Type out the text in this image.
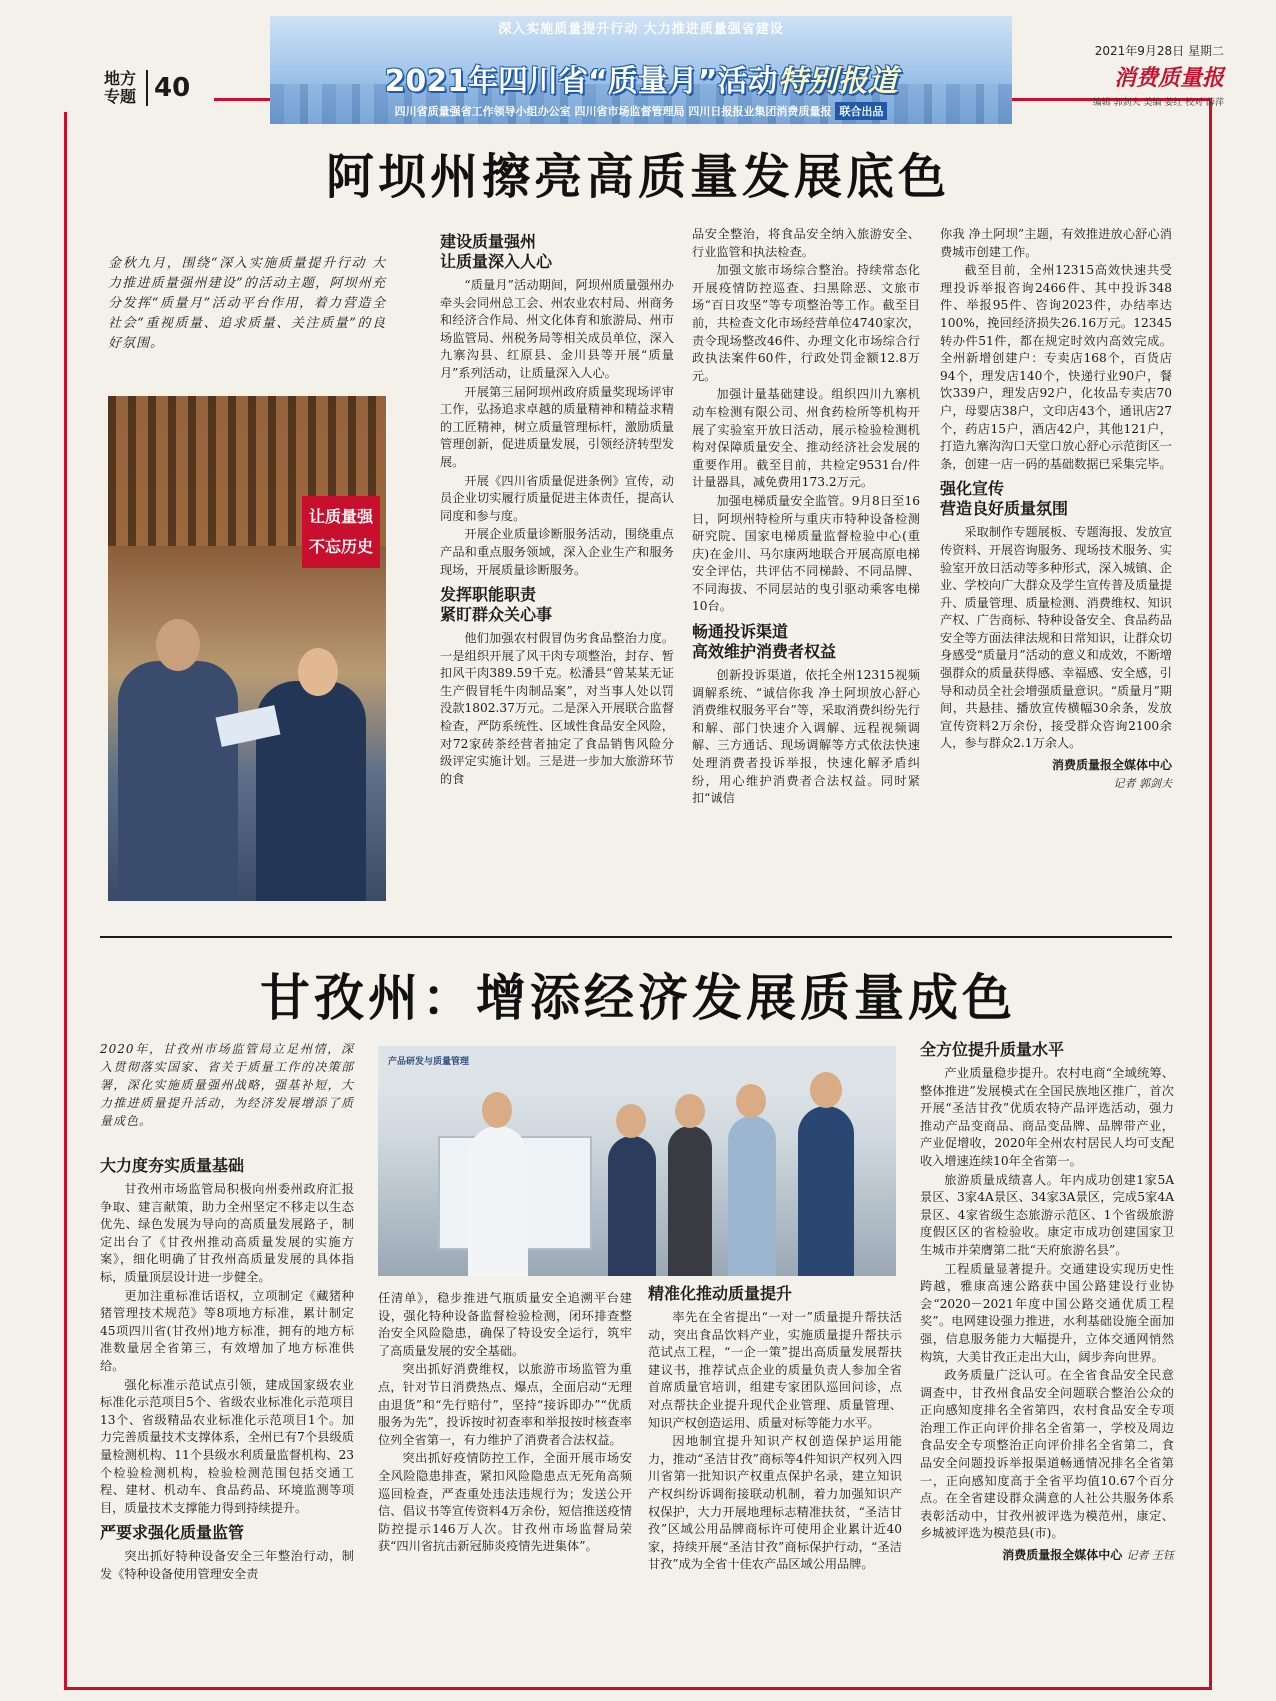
地方
专题 40
深入实施质量提升行动 大力推进质量强省建设
2021年四川省“质量月”活动特别报道
四川省质量强省工作领导小组办公室 四川省市场监督管理局 四川日报报业集团消费质量报 联合出品
2021年9月28日 星期二
消费质量报
编辑 郭剑夫 美编 姜红 校对 薛萍
阿坝州擦亮高质量发展底色
金秋九月，围绕“深入实施质量提升行动 大力推进质量强州建设”的活动主题，阿坝州充分发挥“质量月”活动平台作用，着力营造全社会“重视质量、追求质量、关注质量”的良好氛围。
让质量强 不忘历史
建设质量强州
让质量深入人心

“质量月”活动期间，阿坝州质量强州办牵头会同州总工会、州农业农村局、州商务和经济合作局、州文化体育和旅游局、州市场监管局、州税务局等相关成员单位，深入九寨沟县、红原县、金川县等开展“质量月”系列活动，让质量深入人心。

开展第三届阿坝州政府质量奖现场评审工作，弘扬追求卓越的质量精神和精益求精的工匠精神，树立质量管理标杆，激励质量管理创新，促进质量发展，引领经济转型发展。

开展《四川省质量促进条例》宣传，动员企业切实履行质量促进主体责任，提高认同度和参与度。

开展企业质量诊断服务活动，围绕重点产品和重点服务领域，深入企业生产和服务现场，开展质量诊断服务。

发挥职能职责
紧盯群众关心事

他们加强农村假冒伪劣食品整治力度。一是组织开展了风干肉专项整治，封存、暂扣风干肉389.59千克。松潘县“曾某某无证生产假冒牦牛肉制品案”，对当事人处以罚没款1802.37万元。二是深入开展联合监督检查，严防系统性、区域性食品安全风险，对72家砖茶经营者抽定了食品销售风险分级评定实施计划。三是进一步加大旅游环节的食

品安全整治，将食品安全纳入旅游安全、行业监管和执法检查。

加强文旅市场综合整治。持续常态化开展疫情防控巡查、扫黑除恶、文旅市场“百日攻坚”等专项整治等工作。截至目前，共检查文化市场经营单位4740家次，责令现场整改46件、办理文化市场综合行政执法案件60件，行政处罚金额12.8万元。

加强计量基础建设。组织四川九寨机动车检测有限公司、州食药检所等机构开展了实验室开放日活动，展示检验检测机构对保障质量安全、推动经济社会发展的重要作用。截至目前，共检定9531台/件计量器具，减免费用173.2万元。

加强电梯质量安全监管。9月8日至16日，阿坝州特检所与重庆市特种设备检测研究院、国家电梯质量监督检验中心(重庆)在金川、马尔康两地联合开展高原电梯安全评估，共评估不同梯龄、不同品牌、不同海拔、不同层站的曳引驱动乘客电梯10台。

畅通投诉渠道
高效维护消费者权益

创新投诉渠道，依托全州12315视频调解系统、“诚信你我 净土阿坝放心舒心消费维权服务平台”等，采取消费纠纷先行和解、部门快速介入调解、远程视频调解、三方通话、现场调解等方式依法快速处理消费者投诉举报，快速化解矛盾纠纷，用心维护消费者合法权益。同时紧扣“诚信

你我 净土阿坝”主题，有效推进放心舒心消费城市创建工作。

截至目前，全州12315高效快速共受理投诉举报咨询2466件、其中投诉348件、举报95件、咨询2023件，办结率达100%，挽回经济损失26.16万元。12345转办件51件，都在规定时效内高效完成。全州新增创建户：专卖店168个，百货店94个，理发店140个，快递行业90户，餐饮339户，理发店92户，化妆品专卖店70户，母婴店38户，文印店43个，通讯店27个，药店15户，酒店42户，其他121户，打造九寨沟沟口天堂口放心舒心示范街区一条，创建一店一码的基础数据已采集完毕。

强化宣传
营造良好质量氛围

采取制作专题展板、专题海报、发放宣传资料、开展咨询服务、现场技术服务、实验室开放日活动等多种形式，深入城镇、企业、学校向广大群众及学生宣传普及质量提升、质量管理、质量检测、消费维权、知识产权、广告商标、特种设备安全、食品药品安全等方面法律法规和日常知识，让群众切身感受“质量月”活动的意义和成效，不断增强群众的质量获得感、幸福感、安全感，引导和动员全社会增强质量意识。“质量月”期间，共悬挂、播放宣传横幅30余条，发放宣传资料2万余份，接受群众咨询2100余人，参与群众2.1万余人。

消费质量报全媒体中心
记者 郭剑夫
甘孜州：增添经济发展质量成色
2020年，甘孜州市场监管局立足州情，深入贯彻落实国家、省关于质量工作的决策部署，深化实施质量强州战略，强基补短，大力推进质量提升活动，为经济发展增添了质量成色。
大力度夯实质量基础

甘孜州市场监管局积极向州委州政府汇报争取、建言献策，助力全州坚定不移走以生态优先、绿色发展为导向的高质量发展路子，制定出台了《甘孜州推动高质量发展的实施方案》，细化明确了甘孜州高质量发展的具体指标，质量顶层设计进一步健全。

更加注重标准话语权，立项制定《藏猪种猪管理技术规范》等8项地方标准，累计制定45项四川省(甘孜州)地方标准，拥有的地方标准数量居全省第三，有效增加了地方标准供给。

强化标准示范试点引领，建成国家级农业标准化示范项目5个、省级农业标准化示范项目13个、省级精品农业标准化示范项目1个。加力完善质量技术支撑体系，全州已有7个县级质量检测机构、11个县级水利质量监督机构、23个检验检测机构，检验检测范围包括交通工程、建材、机动车、食品药品、环境监测等项目，质量技术支撑能力得到持续提升。

严要求强化质量监管

突出抓好特种设备安全三年整治行动，制发《特种设备使用管理安全责

产品研发与质量管理

任清单》，稳步推进气瓶质量安全追溯平台建设，强化特种设备监督检验检测，闭环排查整治安全风险隐患，确保了特设安全运行，筑牢了高质量发展的安全基础。

突出抓好消费维权，以旅游市场监管为重点，针对节日消费热点、爆点，全面启动“无理由退货”和“先行赔付”，坚持“接诉即办”“优质服务为先”，投诉按时初查率和举报按时核查率位列全省第一，有力维护了消费者合法权益。

突出抓好疫情防控工作，全面开展市场安全风险隐患排查，紧扣风险隐患点无死角高频巡回检查，严查重处违法违规行为；发送公开信、倡议书等宣传资料4万余份，短信推送疫情防控提示146万人次。甘孜州市场监督局荣获“四川省抗击新冠肺炎疫情先进集体”。

精准化推动质量提升

率先在全省提出“一对一”质量提升帮扶活动，突出食品饮料产业，实施质量提升帮扶示范试点工程，“一企一策”提出高质量发展帮扶建议书，推荐试点企业的质量负责人参加全省首席质量官培训，组建专家团队巡回问诊，点对点帮扶企业提升现代企业管理、质量管理、知识产权创造运用、质量对标等能力水平。

因地制宜提升知识产权创造保护运用能力，推动“圣洁甘孜”商标等4件知识产权列入四川省第一批知识产权重点保护名录，建立知识产权纠纷诉调衔接联动机制，着力加强知识产权保护，大力开展地理标志精准扶贫，“圣洁甘孜”区域公用品牌商标许可使用企业累计近40家，持续开展“圣洁甘孜”商标保护行动，“圣洁甘孜”成为全省十佳农产品区域公用品牌。

全方位提升质量水平

产业质量稳步提升。农村电商“全域统筹、整体推进”发展模式在全国民族地区推广，首次开展“圣洁甘孜”优质农特产品评选活动，强力推动产品变商品、商品变品牌、品牌带产业，产业促增收，2020年全州农村居民人均可支配收入增速连续10年全省第一。

旅游质量成绩喜人。年内成功创建1家5A景区、3家4A景区、34家3A景区，完成5家4A景区、4家省级生态旅游示范区、1个省级旅游度假区区的省检验收。康定市成功创建国家卫生城市并荣膺第二批“天府旅游名县”。

工程质量显著提升。交通建设实现历史性跨越，雅康高速公路获中国公路建设行业协会“2020－2021年度中国公路交通优质工程奖”。电网建设强力推进，水利基础设施全面加强，信息服务能力大幅提升，立体交通网悄然构筑，大美甘孜正走出大山，阔步奔向世界。

政务质量广泛认可。在全省食品安全民意调查中，甘孜州食品安全问题联合整治公众的正向感知度排名全省第四，农村食品安全专项治理工作正向评价排名全省第一，学校及周边食品安全专项整治正向评价排名全省第二，食品安全问题投诉举报渠道畅通情况排名全省第一，正向感知度高于全省平均值10.67个百分点。在全省建设群众满意的人社公共服务体系表彰活动中，甘孜州被评选为模范州，康定、乡城被评选为模范县(市)。

消费质量报全媒体中心 记者 王钰
